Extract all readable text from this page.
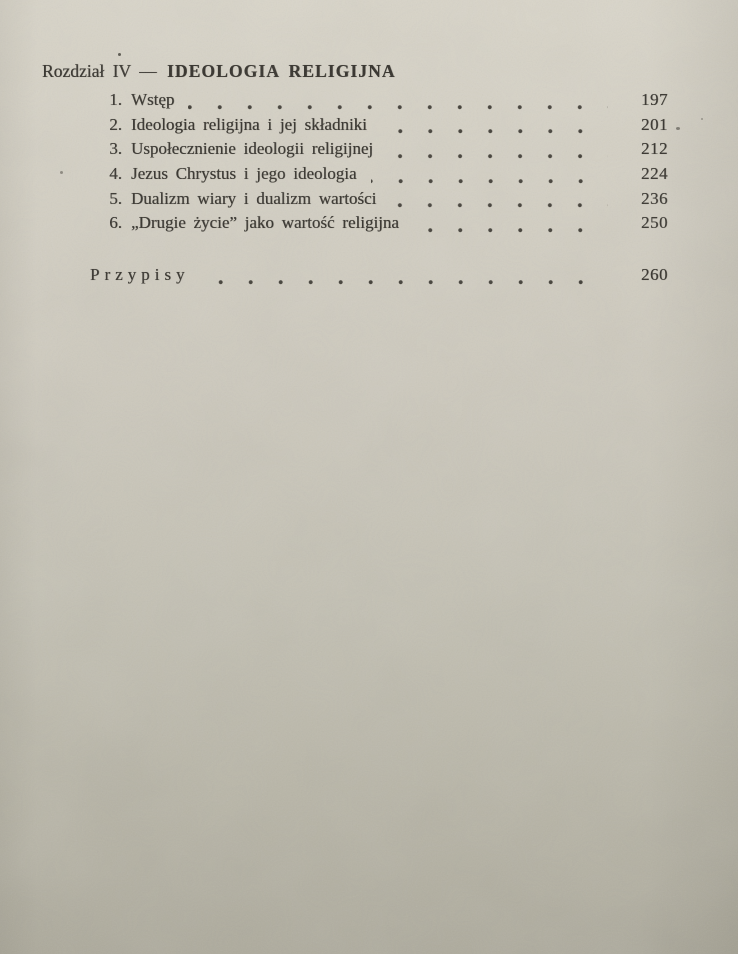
Rozdział IV — IDEOLOGIA RELIGIJNA
1. Wstęp	197
2. Ideologia religijna i jej składniki	201
3. Uspołecznienie ideologii religijnej	212
4. Jezus Chrystus i jego ideologia	224
5. Dualizm wiary i dualizm wartości	236
6. „Drugie życie” jako wartość religijna	250
Przypisy	260
